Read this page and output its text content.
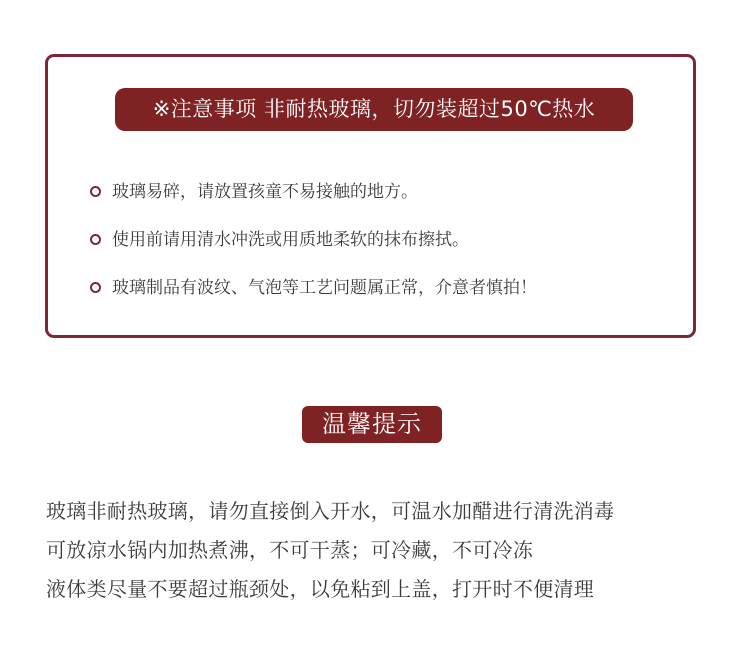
※注意事项 非耐热玻璃，切勿装超过50℃热水
玻璃易碎，请放置孩童不易接触的地方。
使用前请用清水冲洗或用质地柔软的抹布擦拭。
玻璃制品有波纹、气泡等工艺问题属正常，介意者慎拍！
温馨提示
玻璃非耐热玻璃，请勿直接倒入开水，可温水加醋进行清洗消毒
可放凉水锅内加热煮沸，不可干蒸；可冷藏，不可冷冻
液体类尽量不要超过瓶颈处，以免粘到上盖，打开时不便清理
